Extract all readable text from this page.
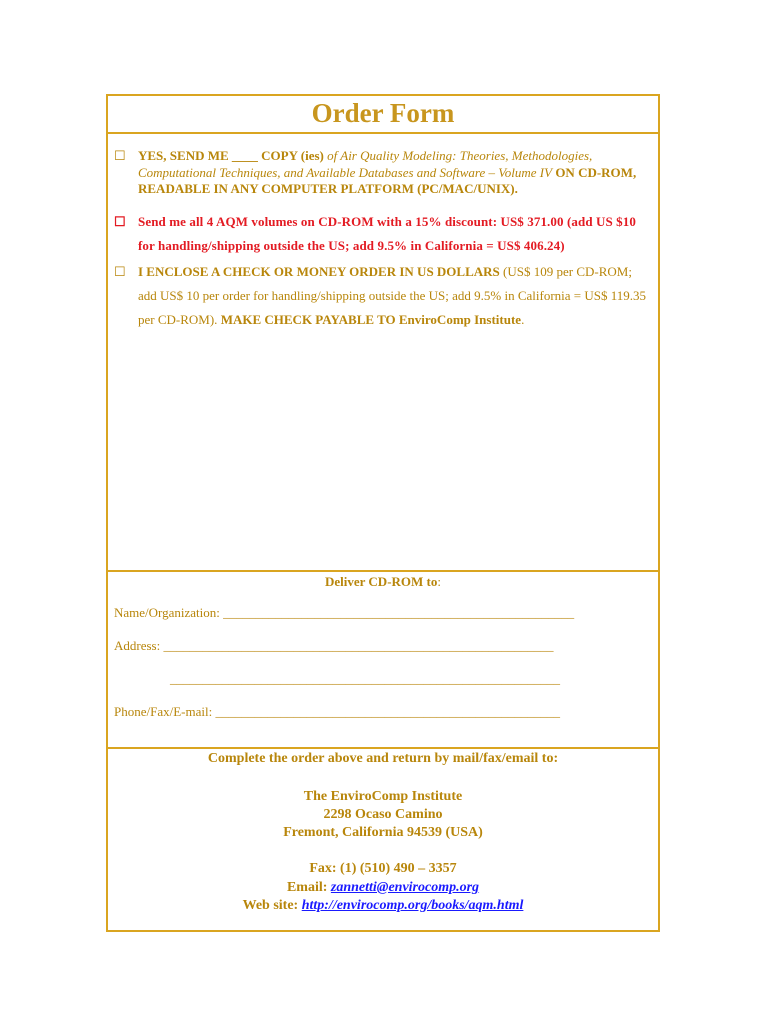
Order Form
☐ YES, SEND ME ____ COPY (ies) of Air Quality Modeling: Theories, Methodologies, Computational Techniques, and Available Databases and Software – Volume IV ON CD-ROM, READABLE IN ANY COMPUTER PLATFORM (PC/MAC/UNIX).
☐ Send me all 4 AQM volumes on CD-ROM with a 15% discount: US$ 371.00 (add US $10 for handling/shipping outside the US; add 9.5% in California = US$ 406.24)
☐ I ENCLOSE A CHECK OR MONEY ORDER IN US DOLLARS (US$ 109 per CD-ROM; add US$ 10 per order for handling/shipping outside the US; add 9.5% in California = US$ 119.35 per CD-ROM). MAKE CHECK PAYABLE TO EnviroComp Institute.
Deliver CD-ROM to:
Name/Organization: ______________________________________________________
Address: ____________________________________________________________
____________________________________________________________
Phone/Fax/E-mail: _____________________________________________________
Complete the order above and return by mail/fax/email to:
The EnviroComp Institute
2298 Ocaso Camino
Fremont, California 94539 (USA)
Fax: (1) (510) 490 – 3357
Email: zannetti@envirocomp.org
Web site: http://envirocomp.org/books/aqm.html
